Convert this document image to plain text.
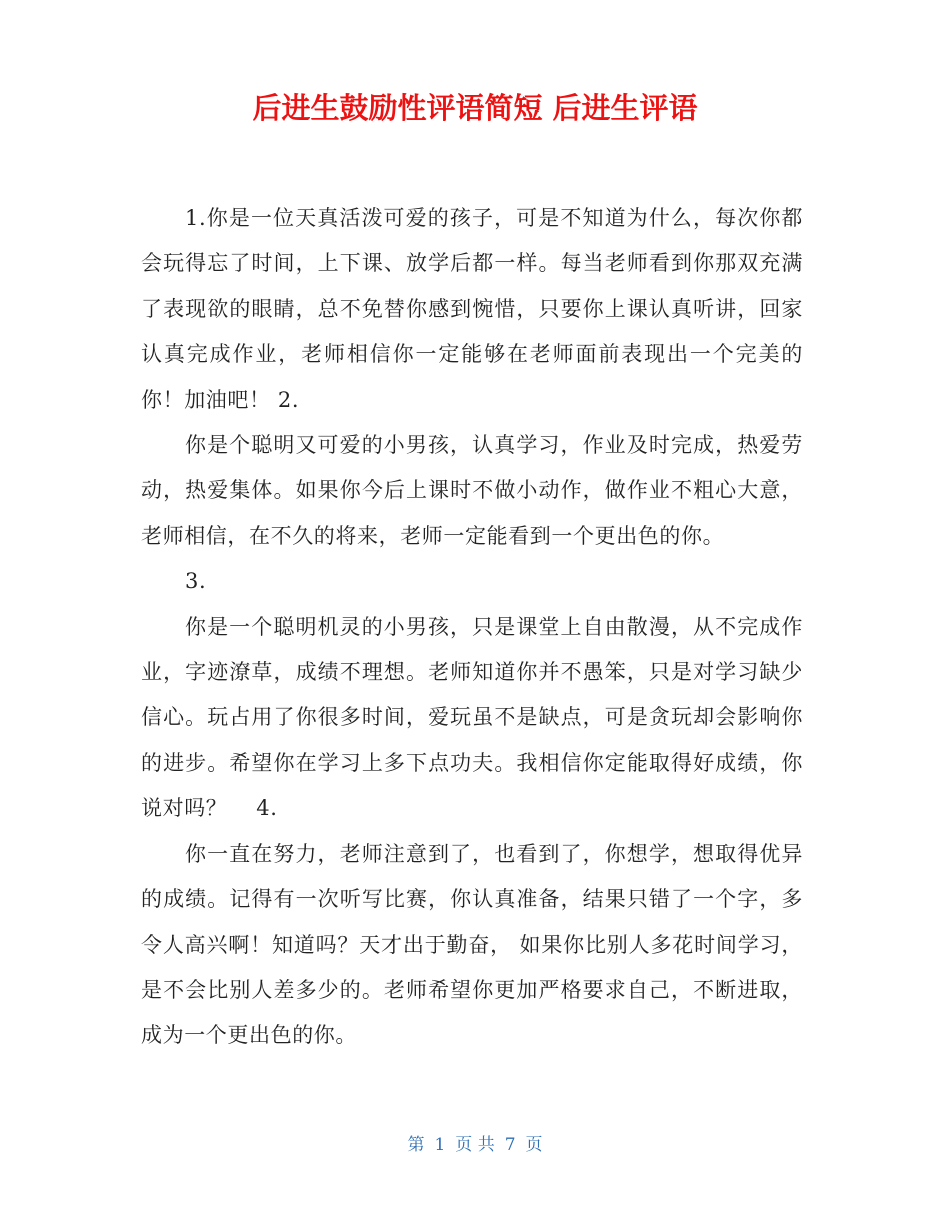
后进生鼓励性评语简短 后进生评语

1.你是一位天真活泼可爱的孩子，可是不知道为什么，每次你都会玩得忘了时间，上下课、放学后都一样。每当老师看到你那双充满了表现欲的眼睛，总不免替你感到惋惜，只要你上课认真听讲，回家认真完成作业，老师相信你一定能够在老师面前表现出一个完美的你！加油吧！ 2.

你是个聪明又可爱的小男孩，认真学习，作业及时完成，热爱劳动，热爱集体。如果你今后上课时不做小动作，做作业不粗心大意，老师相信，在不久的将来，老师一定能看到一个更出色的你。

3.

你是一个聪明机灵的小男孩，只是课堂上自由散漫，从不完成作业，字迹潦草，成绩不理想。老师知道你并不愚笨，只是对学习缺少信心。玩占用了你很多时间，爱玩虽不是缺点，可是贪玩却会影响你的进步。希望你在学习上多下点功夫。我相信你定能取得好成绩，你说对吗？　 4.

你一直在努力，老师注意到了，也看到了，你想学，想取得优异的成绩。记得有一次听写比赛，你认真准备，结果只错了一个字，多令人高兴啊！知道吗？天才出于勤奋， 如果你比别人多花时间学习，是不会比别人差多少的。老师希望你更加严格要求自己，不断进取，成为一个更出色的你。

第 1 页 共 7 页
